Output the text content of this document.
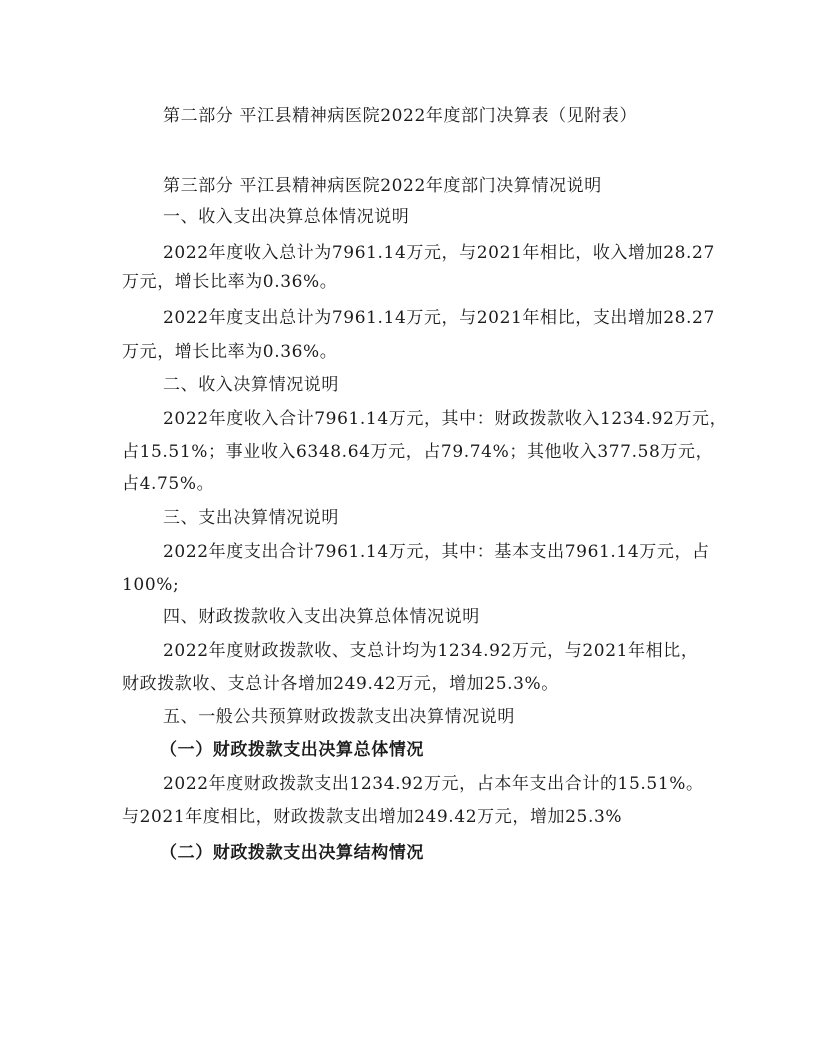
第二部分 平江县精神病医院2022年度部门决算表（见附表）
第三部分 平江县精神病医院2022年度部门决算情况说明
一、收入支出决算总体情况说明
2022年度收入总计为7961.14万元，与2021年相比，收入增加28.27
万元，增长比率为0.36%。
2022年度支出总计为7961.14万元，与2021年相比，支出增加28.27
万元，增长比率为0.36%。
二、收入决算情况说明
2022年度收入合计7961.14万元，其中：财政拨款收入1234.92万元，
占15.51%；事业收入6348.64万元，占79.74%；其他收入377.58万元，
占4.75%。
三、支出决算情况说明
2022年度支出合计7961.14万元，其中：基本支出7961.14万元，占
100%;
四、财政拨款收入支出决算总体情况说明
2022年度财政拨款收、支总计均为1234.92万元，与2021年相比，
财政拨款收、支总计各增加249.42万元，增加25.3%。
五、一般公共预算财政拨款支出决算情况说明
（一）财政拨款支出决算总体情况
2022年度财政拨款支出1234.92万元，占本年支出合计的15.51%。
与2021年度相比，财政拨款支出增加249.42万元，增加25.3%
（二）财政拨款支出决算结构情况
